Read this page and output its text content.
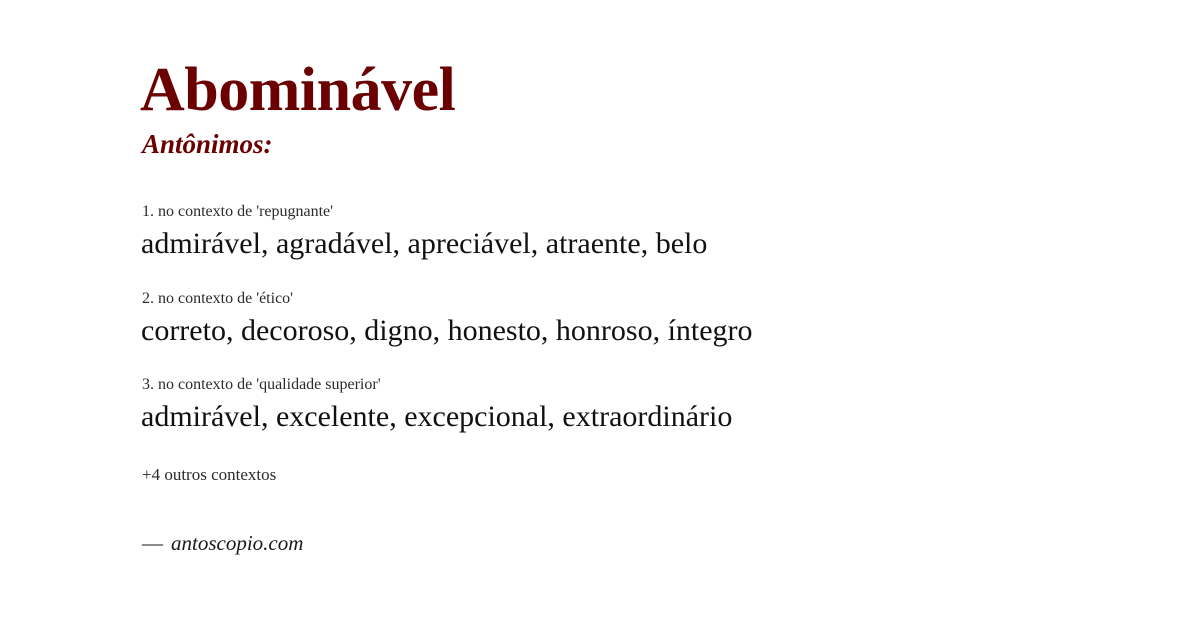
Abominável
Antônimos:
1. no contexto de 'repugnante'
admirável, agradável, apreciável, atraente, belo
2. no contexto de 'ético'
correto, decoroso, digno, honesto, honroso, íntegro
3. no contexto de 'qualidade superior'
admirável, excelente, excepcional, extraordinário
+4 outros contextos
— antoscopio.com
